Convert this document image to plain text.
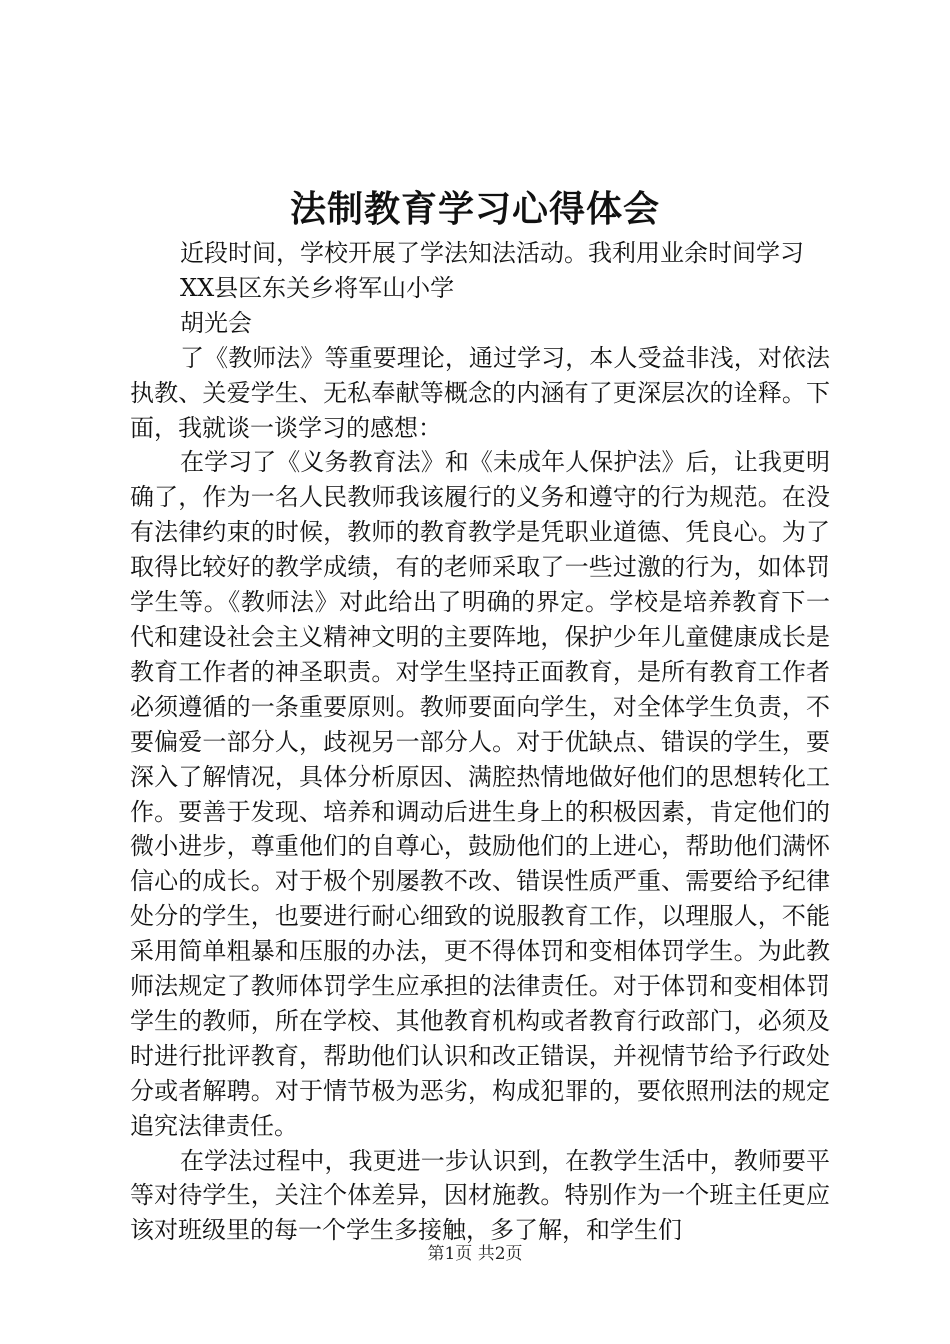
法制教育学习心得体会

近段时间，学校开展了学法知法活动。我利用业余时间学习

XX县区东关乡将军山小学

胡光会

了《教师法》等重要理论，通过学习，本人受益非浅，对依法执教、关爱学生、无私奉献等概念的内涵有了更深层次的诠释。下面，我就谈一谈学习的感想：

在学习了《义务教育法》和《未成年人保护法》后，让我更明确了，作为一名人民教师我该履行的义务和遵守的行为规范。在没有法律约束的时候，教师的教育教学是凭职业道德、凭良心。为了取得比较好的教学成绩，有的老师采取了一些过激的行为，如体罚学生等。《教师法》对此给出了明确的界定。学校是培养教育下一代和建设社会主义精神文明的主要阵地，保护少年儿童健康成长是教育工作者的神圣职责。对学生坚持正面教育，是所有教育工作者必须遵循的一条重要原则。教师要面向学生，对全体学生负责，不要偏爱一部分人，歧视另一部分人。对于优缺点、错误的学生，要深入了解情况，具体分析原因、满腔热情地做好他们的思想转化工作。要善于发现、培养和调动后进生身上的积极因素，肯定他们的微小进步，尊重他们的自尊心，鼓励他们的上进心，帮助他们满怀信心的成长。对于极个别屡教不改、错误性质严重、需要给予纪律处分的学生，也要进行耐心细致的说服教育工作，以理服人，不能采用简单粗暴和压服的办法，更不得体罚和变相体罚学生。为此教师法规定了教师体罚学生应承担的法律责任。对于体罚和变相体罚学生的教师，所在学校、其他教育机构或者教育行政部门，必须及时进行批评教育，帮助他们认识和改正错误，并视情节给予行政处分或者解聘。对于情节极为恶劣，构成犯罪的，要依照刑法的规定追究法律责任。

在学法过程中，我更进一步认识到，在教学生活中，教师要平等对待学生，关注个体差异，因材施教。特别作为一个班主任更应该对班级里的每一个学生多接触，多了解，和学生们

第1页 共2页
